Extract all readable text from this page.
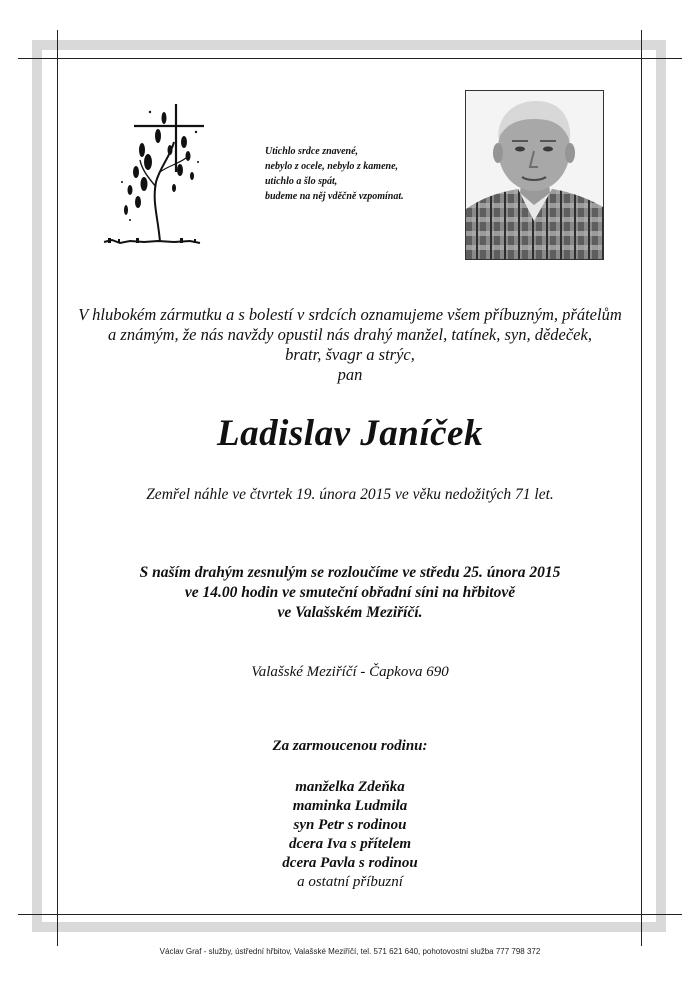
Utichlo srdce znavené,
nebylo z ocele, nebylo z kamene,
utichlo a šlo spát,
budeme na něj vděčně vzpomínat.
V hlubokém zármutku a s bolestí v srdcích oznamujeme všem příbuzným, přátelům
a známým, že nás navždy opustil nás drahý manžel, tatínek, syn, dědeček,
bratr, švagr a strýc,
pan
Ladislav Janíček
Zemřel náhle ve čtvrtek 19. února 2015 ve věku nedožitých 71 let.
S naším drahým zesnulým se rozloučíme ve středu 25. února 2015
ve 14.00 hodin ve smuteční obřadní síni na hřbitově
ve Valašském Meziříčí.
Valašské Meziříčí - Čapkova 690
Za zarmoucenou rodinu:
manželka Zdeňka
maminka Ludmila
syn Petr s rodinou
dcera Iva s přítelem
dcera Pavla s rodinou
a ostatní příbuzní
Václav Graf - služby, ústřední hřbitov, Valašské Meziříčí, tel. 571 621 640, pohotovostní služba 777 798 372
